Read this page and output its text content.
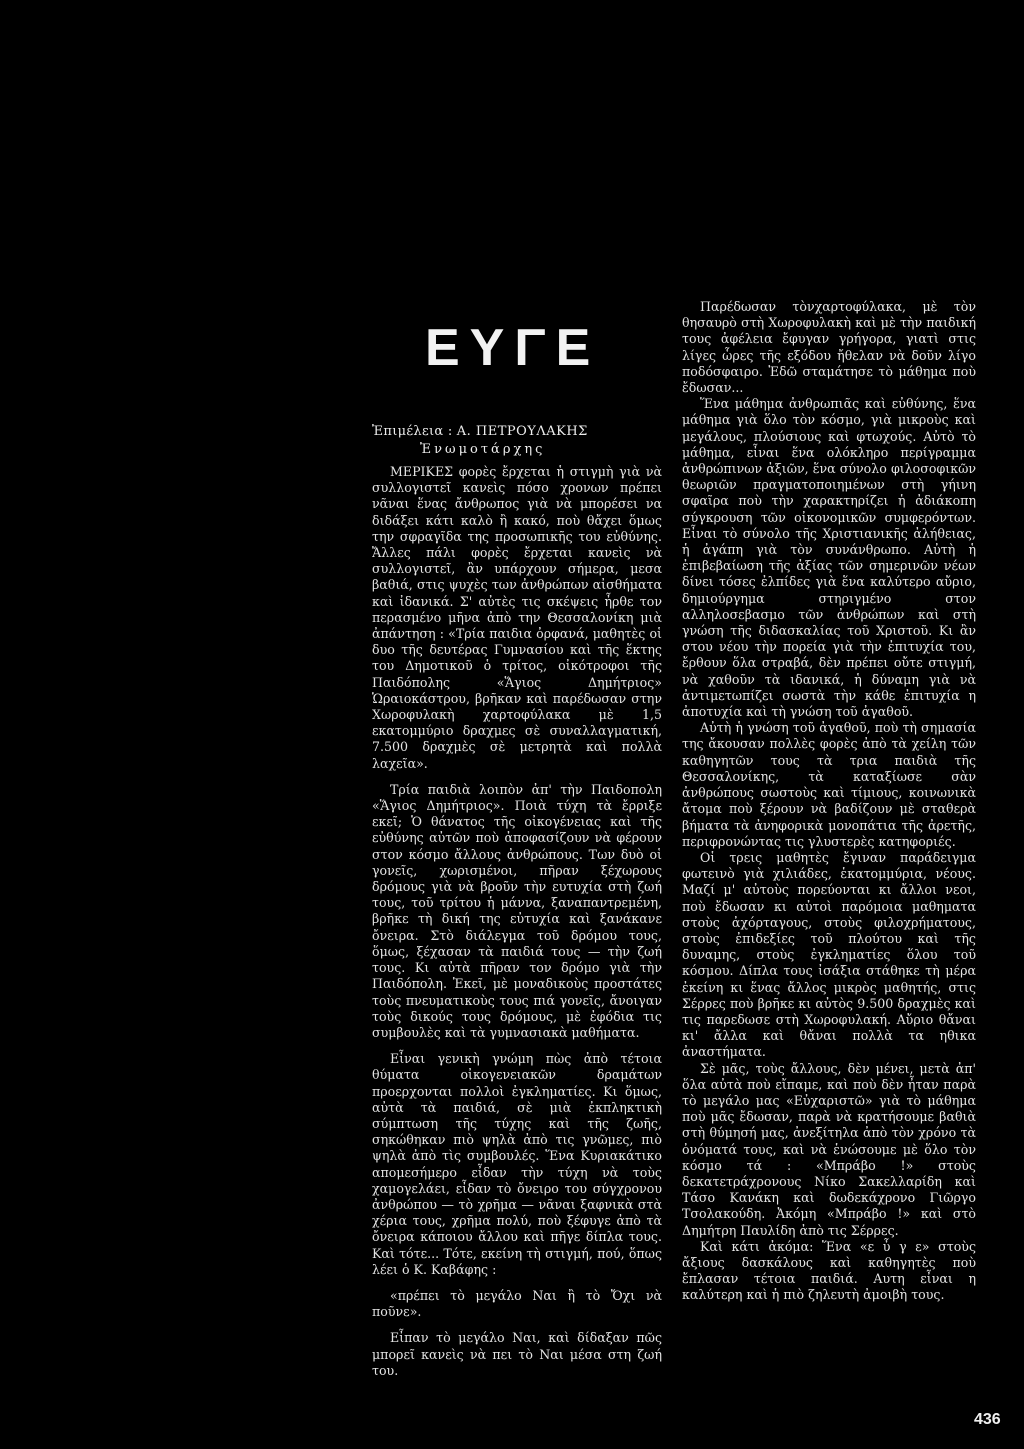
ΕΥΓΕ
Ἐπιμέλεια : Α. ΠΕΤΡΟΥΛΑΚΗΣ
Ἐνωμοτάρχης

ΜΕΡΙΚΕΣ φορὲς ἔρχεται ἡ στιγμὴ γιὰ νὰ συλλογιστεῖ κανεὶς πόσο χρονων πρέπει νᾶναι ἕνας ἄνθρωπος γιὰ νὰ μπορέσει να διδάξει κάτι καλὸ ἢ κακό, ποὺ θἄχει ὅμως την σφραγῖδα της προσωπικῆς του εὐθύνης. Ἄλλες πάλι φορὲς ἔρχεται κανεὶς νὰ συλλογιστεῖ, ἂν υπάρχουν σήμερα, μεσα βαθιά, στις ψυχὲς των ἀνθρώπων αἰσθήματα καὶ ἰδανικά. Σ' αὐτὲς τις σκέψεις ἦρθε τον περασμένο μῆνα ἀπὸ την Θεσσαλονίκη μιὰ ἀπάντηση : «Τρία παιδια ὀρφανά, μαθητὲς οἱ δυο τῆς δευτέρας Γυμνασίου καὶ τῆς ἕκτης του Δημοτικοῦ ὁ τρίτος, οἰκότροφοι τῆς Παιδόπολης «Ἅγιος Δημήτριος» Ὡραιοκάστρου, βρῆκαν καὶ παρέδωσαν στην Χωροφυλακὴ χαρτοφύλακα μὲ 1,5 εκατομμύριο δραχμες σὲ συναλλαγματική, 7.500 δραχμὲς σὲ μετρητὰ καὶ πολλὰ λαχεῖα».

Τρία παιδιὰ λοιπὸν ἀπ' τὴν Παιδοπολη «Ἅγιος Δημήτριος». Ποιὰ τύχη τὰ ἔρριξε εκεῖ; Ὁ θάνατος τῆς οἰκογένειας καὶ τῆς εὐθύνης αὐτῶν ποὺ ἀποφασίζουν νὰ φέρουν στον κόσμο ἄλλους ἀνθρώπους. Των δυὸ οἱ γονεῖς, χωρισμένοι, πῆραν ξέχωρους δρόμους γιὰ νὰ βροῦν τὴν ευτυχία στὴ ζωή τους, τοῦ τρίτου ἡ μάννα, ξαναπαντρεμένη, βρῆκε τὴ δική της εὐτυχία καὶ ξανάκανε ὄνειρα. Στὸ διάλεγμα τοῦ δρόμου τους, ὅμως, ξέχασαν τὰ παιδιά τους — τὴν ζωή τους. Κι αὐτὰ πῆραν τον δρόμο γιὰ τὴν Παιδόπολη. Ἐκεῖ, μὲ μοναδικοὺς προστάτες τοὺς πνευματικοὺς τους πιά γονεῖς, ἄνοιγαν τοὺς δικούς τους δρόμους, μὲ ἐφόδια τις συμβουλὲς καὶ τὰ γυμνασιακὰ μαθήματα.

Εἶναι γενικὴ γνώμη πὼς ἀπὸ τέτοια θύματα οἰκογενειακῶν δραμάτων προερχονται πολλοὶ ἐγκληματίες. Κι ὅμως, αὐτὰ τὰ παιδιά, σὲ μιὰ ἐκπληκτικὴ σύμπτωση τῆς τύχης καὶ τῆς ζωῆς, σηκώθηκαν πιὸ ψηλὰ ἀπὸ τις γνῶμες, πιὸ ψηλὰ ἀπὸ τὶς συμβουλές. Ἕνα Κυριακάτικο απομεσήμερο εἶδαν τὴν τύχη νὰ τοὺς χαμογελάει, εἶδαν τὸ ὄνειρο του σύγχρονου ἀνθρώπου — τὸ χρῆμα — νᾶναι ξαφνικὰ στὰ χέρια τους, χρῆμα πολύ, ποὺ ξέφυγε ἀπὸ τὰ ὄνειρα κάποιου ἄλλου καὶ πῆγε δίπλα τους. Καὶ τότε... Τότε, εκείνη τὴ στιγμή, πού, ὅπως λέει ὁ Κ. Καβάφης :

«πρέπει τὸ μεγάλο Ναι ἢ τὸ Ὄχι νὰ ποῦνε».

Εἶπαν τὸ μεγάλο Ναι, καὶ δίδαξαν πῶς μπορεῖ κανεὶς νὰ πει τὸ Ναι μέσα στη ζωή του.

Παρέδωσαν τὸνχαρτοφύλακα, μὲ τὸν θησαυρὸ στὴ Χωροφυλακὴ καὶ μὲ τὴν παιδική τους ἀφέλεια ἔφυγαν γρήγορα, γιατὶ στις λίγες ὧρες τῆς εξόδου ἤθελαν νὰ δοῦν λίγο ποδόσφαιρο. Ἐδῶ σταμάτησε τὸ μάθημα ποὺ ἔδωσαν...

Ἕνα μάθημα ἀνθρωπιᾶς καὶ εὐθύνης, ἕνα μάθημα γιὰ ὅλο τὸν κόσμο, γιὰ μικροὺς καὶ μεγάλους, πλούσιους καὶ φτωχούς. Αὐτὸ τὸ μάθημα, εἶναι ἕνα ολόκληρο περίγραμμα ἀνθρώπινων ἀξιῶν, ἕνα σύνολο φιλοσοφικῶν θεωριῶν πραγματοποιημένων στὴ γήινη σφαῖρα ποὺ τὴν χαρακτηρίζει ἡ ἀδιάκοπη σύγκρουση τῶν οἰκονομικῶν συμφερόντων. Εἶναι τὸ σύνολο τῆς Χριστιανικῆς ἀλήθειας, ἡ ἀγάπη γιὰ τὸν συνάνθρωπο. Αὐτὴ ἡ ἐπιβεβαίωση τῆς ἀξίας τῶν σημερινῶν νέων δίνει τόσες ἐλπίδες γιὰ ἕνα καλύτερο αὔριο, δημιούργημα στηριγμένο στον αλληλοσεβασμο τῶν ἀνθρώπων καὶ στὴ γνώση τῆς διδασκαλίας τοῦ Χριστοῦ. Κι ἂν στου νέου τὴν πορεία γιὰ τὴν ἐπιτυχία του, ἔρθουν ὅλα στραβά, δὲν πρέπει οὔτε στιγμή, νὰ χαθοῦν τὰ ιδανικά, ἡ δύναμη γιὰ νὰ ἀντιμετωπίζει σωστὰ τὴν κάθε ἐπιτυχία η ἀποτυχία καὶ τὴ γνώση τοῦ ἀγαθοῦ.

Αὐτὴ ἡ γνώση τοῦ ἀγαθοῦ, ποὺ τὴ σημασία της ἄκουσαν πολλὲς φορὲς ἀπὸ τὰ χείλη τῶν καθηγητῶν τους τὰ τρια παιδιὰ τῆς Θεσσαλονίκης, τὰ καταξίωσε σὰν ἀνθρώπους σωστοὺς καὶ τίμιους, κοινωνικὰ ἄτομα ποὺ ξέρουν νὰ βαδίζουν μὲ σταθερὰ βήματα τὰ ἀνηφορικὰ μονοπάτια τῆς ἀρετῆς, περιφρονώντας τις γλυστερὲς κατηφοριές.

Οἱ τρεις μαθητὲς ἔγιναν παράδειγμα φωτεινὸ γιὰ χιλιάδες, ἑκατομμύρια, νέους. Μαζί μ' αὐτοὺς πορεύονται κι ἄλλοι νεοι, ποὺ ἔδωσαν κι αὐτοὶ παρόμοια μαθηματα στοὺς ἀχόρταγους, στοὺς φιλοχρήματους, στοὺς ἐπιδεξίες τοῦ πλούτου καὶ τῆς δυναμης, στοὺς ἐγκληματίες ὅλου τοῦ κόσμου. Δίπλα τους ἰσάξια στάθηκε τὴ μέρα ἐκείνη κι ἕνας ἄλλος μικρὸς μαθητής, στις Σέρρες ποὺ βρῆκε κι αὐτὸς 9.500 δραχμὲς καὶ τις παρεδωσε στὴ Χωροφυλακή. Αὔριο θἄναι κι' ἄλλα καὶ θἄναι πολλὰ τα ηθικα ἀναστήματα.

Σὲ μᾶς, τοὺς ἄλλους, δὲν μένει, μετὰ ἀπ' ὅλα αὐτὰ ποὺ εἴπαμε, καὶ ποὺ δὲν ἦταν παρὰ τὸ μεγάλο μας «Εὐχαριστῶ» γιὰ τὸ μάθημα ποὺ μᾶς ἔδωσαν, παρὰ νὰ κρατήσουμε βαθιὰ στὴ θύμησή μας, ἀνεξίτηλα ἀπὸ τὸν χρόνο τὰ ὀνόματά τους, καὶ νὰ ἑνώσουμε μὲ ὅλο τὸν κόσμο τά : «Μπράβο !» στοὺς δεκατετράχρονους Νίκο Σακελλαρίδη καὶ Τάσο Κανάκη καὶ δωδεκάχρονο Γιῶργο Τσολακούδη. Ἀκόμη «Μπράβο !» καὶ στὸ Δημήτρη Παυλίδη ἀπὸ τις Σέρρες.

Καὶ κάτι ἀκόμα: Ἕνα «ε ὖ γ ε» στοὺς ἄξιους δασκάλους καὶ καθηγητὲς ποὺ ἔπλασαν τέτοια παιδιά. Αυτη εἶναι η καλύτερη καὶ ἡ πιὸ ζηλευτὴ ἀμοιβὴ τους.

436
